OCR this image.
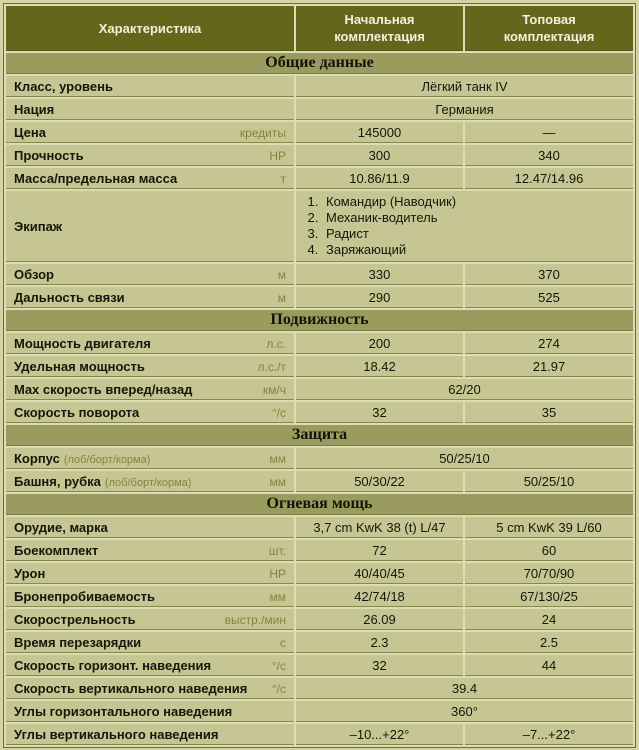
Характеристика	Начальная комплектация	Топовая комплектация
Общие данные		

Класс, уровень	Лёгкий танк IV	

Нация	Германия	

Цена кредиты	145000	—

Прочность HP	300	340

Масса/предельная масса т	10.86/11.9	12.47/14.96

Экипаж

1. Командир (Наводчик)
2. Механик-водитель
3. Радист
4. Заряжающий

Обзор м	330	370

Дальность связи м	290	525
Подвижность		

Мощность двигателя л.с.	200	274

Удельная мощность л.с./т	18.42	21.97

Max скорость вперед/назад км/ч	62/20	

Скорость поворота °/с	32	35
Защита		

Корпус (лоб/борт/корма) мм	50/25/10	

Башня, рубка (лоб/борт/корма) мм	50/30/22	50/25/10
Огневая мощь		

Орудие, марка	3,7 cm KwK 38 (t) L/47	5 cm KwK 39 L/60

Боекомплект шт.	72	60

Урон HP	40/40/45	70/70/90

Бронепробиваемость мм	42/74/18	67/130/25

Скорострельность выстр./мин	26.09	24

Время перезарядки с	2.3	2.5

Скорость горизонт. наведения °/с	32	44

Скорость вертикального наведения °/с	39.4	

Углы горизонтального наведения	360°	

Углы вертикального наведения	–10...+22°	–7...+22°
